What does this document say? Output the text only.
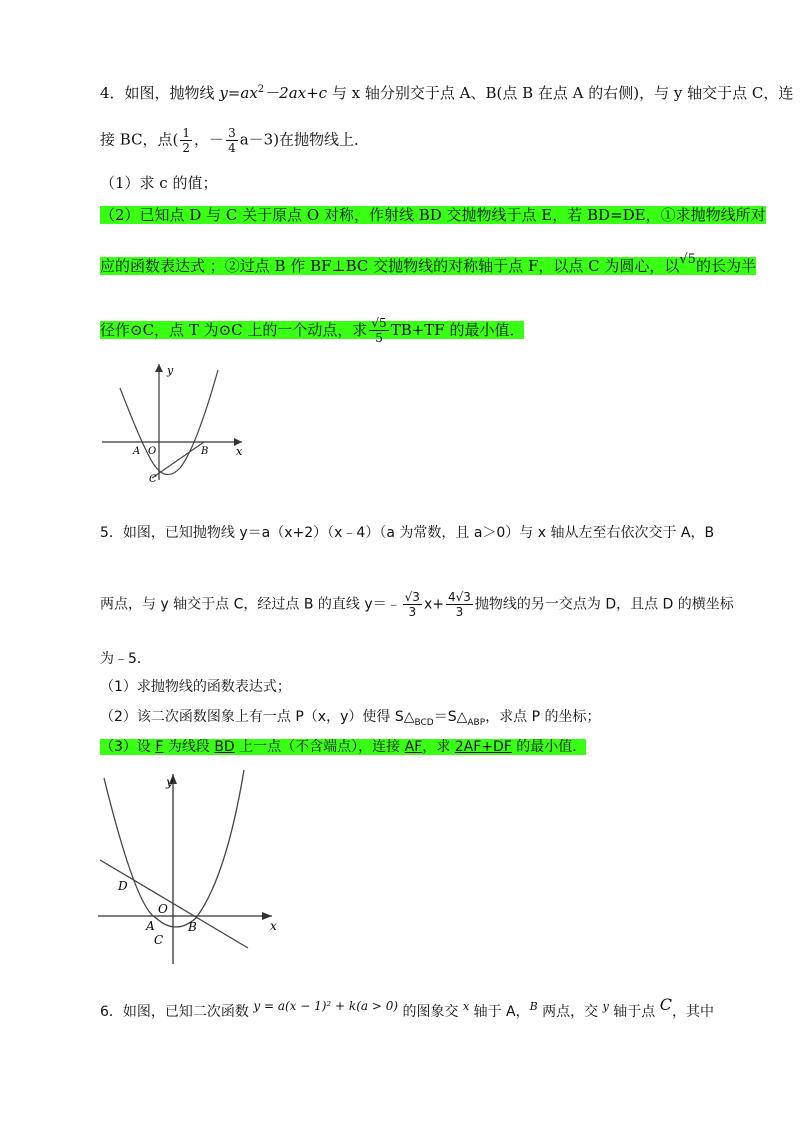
4．如图，抛物线 $y=ax^2-2ax+c$ 与 x 轴分别交于点 A、B(点 B 在点 A 的右侧)，与 y 轴交于点 C，连
接 BC，点( $\frac{1}{2}$ ，－ $\frac{3}{4} a-3$)在抛物线上．
（1）求 c 的值；
（2）已知点 D 与 C 关于原点 O 对称，作射线 BD 交抛物线于点 E，若 BD=DE，①求抛物线所对
应的函数表达式 ；②过点 B 作 BF⊥BC 交抛物线的对称轴于点 F，以点 C 为圆心，以√5的长为半
径作⊙C，点 T 为⊙C 上的一个动点，求 $\frac{√5}{5} TB+TF$ 的最小值．
y
x
A O	B
C
5．如图，已知抛物线 y＝a（x+2）（x﹣4）（a 为常数，且 a＞0）与 x 轴从左至右依次交于 A，B
两点，与 y 轴交于点 C，经过点 B 的直线 y＝﹣ $\frac{√3}{3} x+ \frac{4√3}{3}$ 抛物线的另一交点为 D，且点 D 的横坐标
为﹣5．
（1）求抛物线的函数表达式；
（2）该二次函数图象上有一点 P（x，y）使得 $S\triangle_{BCD}=S\triangle_{ABP}$，求点 P 的坐标；
（3）设 F 为线段 BD 上一点（不含端点），连接 AF，求 2AF+DF 的最小值．
y
x
D
O
A	B
C
6．如图，已知二次函数 y = a(x − 1)² + k(a > 0) 的图象交 $^x$ 轴于 A，$^B$ 两点，交 $^y$ 轴于点 C，其中
